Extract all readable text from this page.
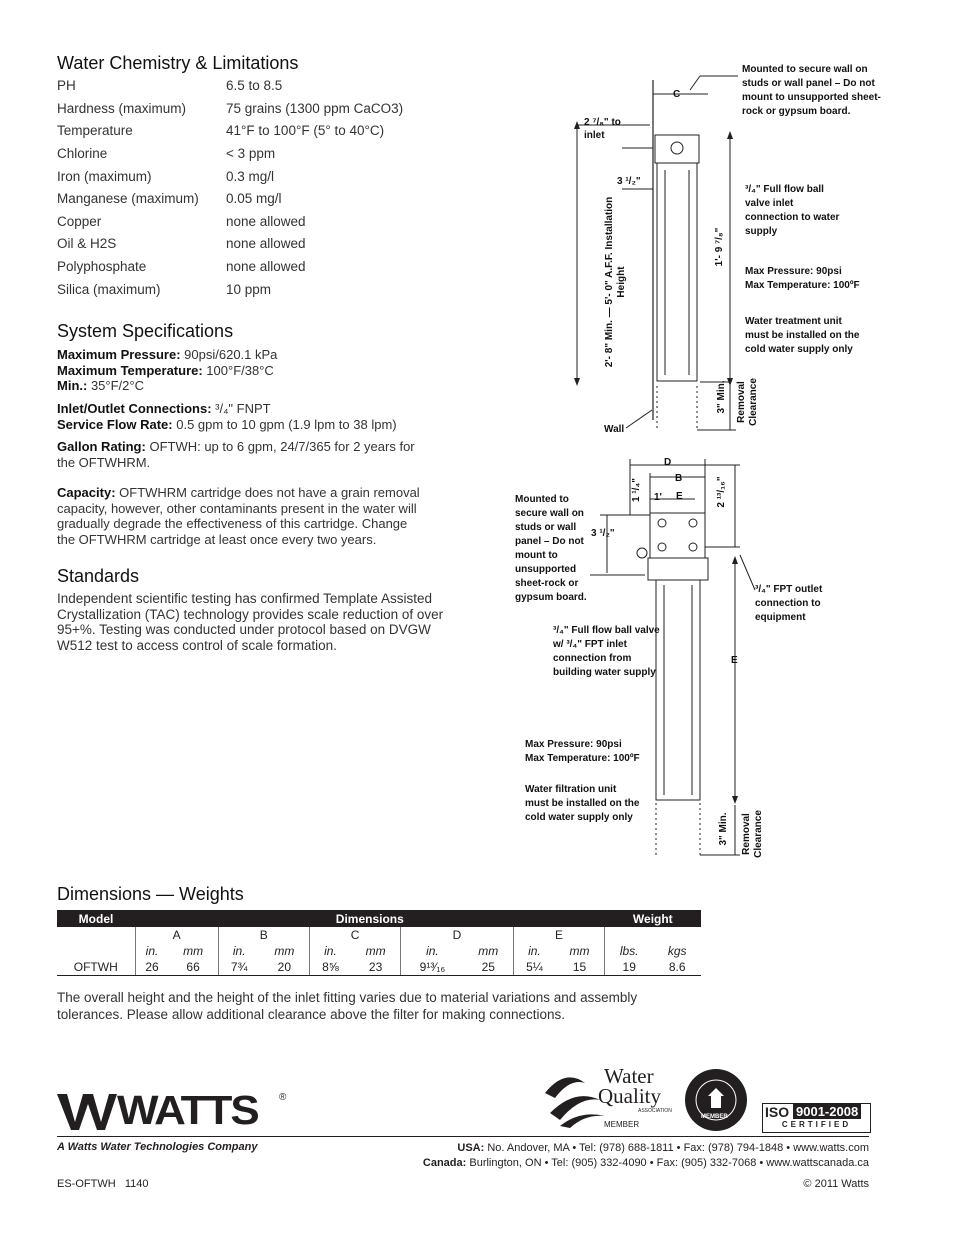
Water Chemistry & Limitations
PH	6.5 to 8.5
Hardness (maximum)	75 grains (1300 ppm CaCO3)
Temperature	41°F to 100°F (5° to 40°C)
Chlorine	< 3 ppm
Iron (maximum)	0.3 mg/l
Manganese (maximum) 0.05 mg/l
Copper	none allowed
Oil & H2S	none allowed
Polyphosphate	none allowed
Silica (maximum)	10 ppm
System Specifications
Maximum Pressure: 90psi/620.1 kPa
Maximum Temperature: 100°F/38°C
Min.: 35°F/2°C
Inlet/Outlet Connections: ³/₄" FNPT
Service Flow Rate: 0.5 gpm to 10 gpm (1.9 lpm to 38 lpm)
Gallon Rating: OFTWH: up to 6 gpm, 24/7/365 for 2 years for the OFTWHRM.
Capacity: OFTWHRM cartridge does not have a grain removal capacity, however, other contaminants present in the water will gradually degrade the effectiveness of this cartridge. Change the OFTWHRM cartridge at least once every two years.
Standards
Independent scientific testing has confirmed Template Assisted Crystallization (TAC) technology provides scale reduction of over 95+%. Testing was conducted under protocol based on DVGW W512 test to access control of scale formation.
Mounted to secure wall on studs or wall panel – Do not mount to unsupported sheet-rock or gypsum board.
C
2 ⁷/₈" to inlet
3 ¹/₂"
2'- 8" Min. — 5'- 0" A.F.F. Installation Height
³/₄" Full flow ball valve inlet connection to water supply
1'- 9 ⁷/₈"
Max Pressure: 90psi
Max Temperature: 100ºF
Water treatment unit must be installed on the cold water supply only
3" Min. Removal Clearance
Wall
D
B
E
1'
1 ¹/₄"	2 ¹³/₁₆"
3 ¹/₂"
Mounted to secure wall on studs or wall panel – Do not mount to unsupported sheet-rock or gypsum board.
³/₄" FPT outlet connection to equipment
³/₄" Full flow ball valve w/ ³/₄" FPT inlet connection from building water supply
E
Max Pressure: 90psi
Max Temperature: 100ºF
Water filtration unit must be installed on the cold water supply only	3" Min. Removal Clearance
Dimensions — Weights
Model	Dimensions										Weight	
	A		B		C		D		E			
	in.	mm	in.	mm	in.	mm	in.	mm	in.	mm	lbs.	kgs
OFTWH	26	66	7¾	20	8⅝	23	9¹³⁄₁₆	25	5¼	15	19	8.6
The overall height and the height of the inlet fitting varies due to material variations and assembly tolerances. Please allow additional clearance above the filter for making connections.
WATTS ®
Water
Quality
ASSOCIATION
MEMBER
MEMBER	ISO 9001-2008
CERTIFIED
A Watts Water Technologies Company	USA: No. Andover, MA • Tel: (978) 688-1811 • Fax: (978) 794-1848 • www.watts.com
Canada: Burlington, ON • Tel: (905) 332-4090 • Fax: (905) 332-7068 • www.wattscanada.ca
ES-OFTWH   1140	© 2011 Watts
